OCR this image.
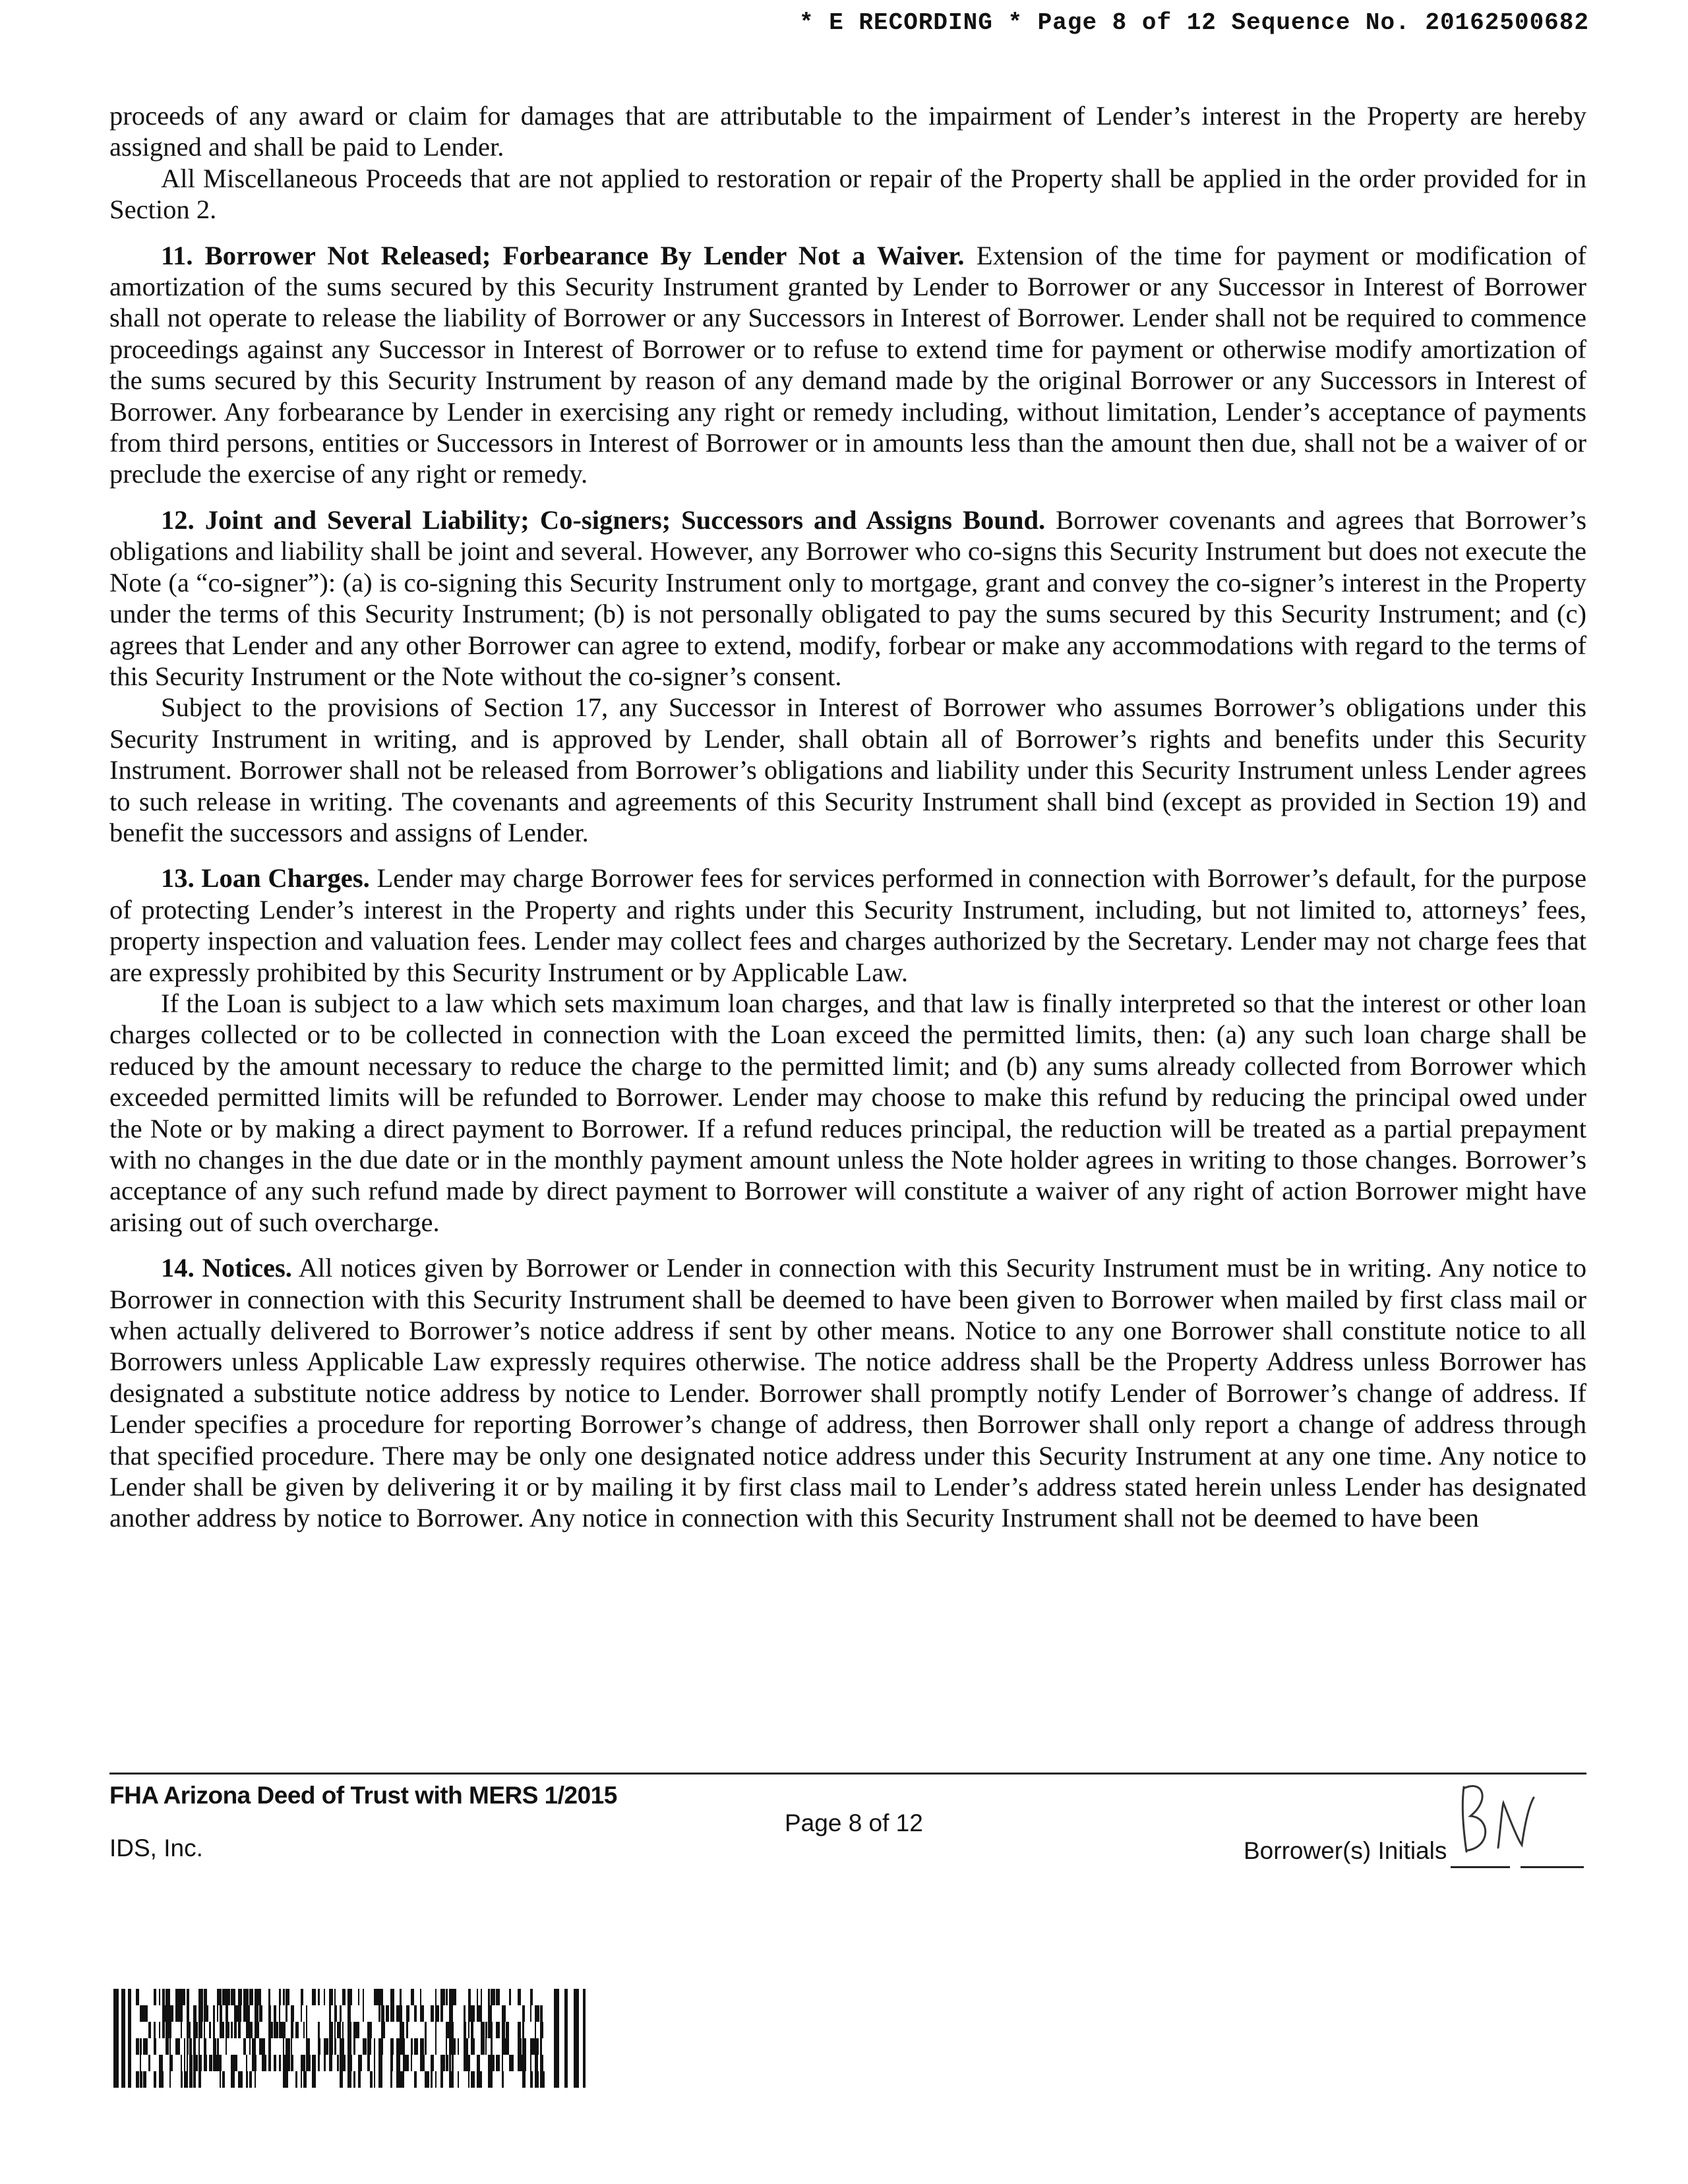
* E RECORDING * Page 8 of 12 Sequence No. 20162500682

proceeds of any award or claim for damages that are attributable to the impairment of Lender’s interest in the Property are hereby assigned and shall be paid to Lender.

All Miscellaneous Proceeds that are not applied to restoration or repair of the Property shall be applied in the order provided for in Section 2.

11. Borrower Not Released; Forbearance By Lender Not a Waiver. Extension of the time for payment or modification of amortization of the sums secured by this Security Instrument granted by Lender to Borrower or any Successor in Interest of Borrower shall not operate to release the liability of Borrower or any Successors in Interest of Borrower. Lender shall not be required to commence proceedings against any Successor in Interest of Borrower or to refuse to extend time for payment or otherwise modify amortization of the sums secured by this Security Instrument by reason of any demand made by the original Borrower or any Successors in Interest of Borrower. Any forbearance by Lender in exercising any right or remedy including, without limitation, Lender’s acceptance of payments from third persons, entities or Successors in Interest of Borrower or in amounts less than the amount then due, shall not be a waiver of or preclude the exercise of any right or remedy.

12. Joint and Several Liability; Co-signers; Successors and Assigns Bound. Borrower covenants and agrees that Borrower’s obligations and liability shall be joint and several. However, any Borrower who co-signs this Security Instrument but does not execute the Note (a “co-signer”): (a) is co-signing this Security Instrument only to mortgage, grant and convey the co-signer’s interest in the Property under the terms of this Security Instrument; (b) is not personally obligated to pay the sums secured by this Security Instrument; and (c) agrees that Lender and any other Borrower can agree to extend, modify, forbear or make any accommodations with regard to the terms of this Security Instrument or the Note without the co-signer’s consent.

Subject to the provisions of Section 17, any Successor in Interest of Borrower who assumes Borrower’s obligations under this Security Instrument in writing, and is approved by Lender, shall obtain all of Borrower’s rights and benefits under this Security Instrument. Borrower shall not be released from Borrower’s obligations and liability under this Security Instrument unless Lender agrees to such release in writing. The covenants and agreements of this Security Instrument shall bind (except as provided in Section 19) and benefit the successors and assigns of Lender.

13. Loan Charges. Lender may charge Borrower fees for services performed in connection with Borrower’s default, for the purpose of protecting Lender’s interest in the Property and rights under this Security Instrument, including, but not limited to, attorneys’ fees, property inspection and valuation fees. Lender may collect fees and charges authorized by the Secretary. Lender may not charge fees that are expressly prohibited by this Security Instrument or by Applicable Law.

If the Loan is subject to a law which sets maximum loan charges, and that law is finally interpreted so that the interest or other loan charges collected or to be collected in connection with the Loan exceed the permitted limits, then: (a) any such loan charge shall be reduced by the amount necessary to reduce the charge to the permitted limit; and (b) any sums already collected from Borrower which exceeded permitted limits will be refunded to Borrower. Lender may choose to make this refund by reducing the principal owed under the Note or by making a direct payment to Borrower. If a refund reduces principal, the reduction will be treated as a partial prepayment with no changes in the due date or in the monthly payment amount unless the Note holder agrees in writing to those changes. Borrower’s acceptance of any such refund made by direct payment to Borrower will constitute a waiver of any right of action Borrower might have arising out of such overcharge.

14. Notices. All notices given by Borrower or Lender in connection with this Security Instrument must be in writing. Any notice to Borrower in connection with this Security Instrument shall be deemed to have been given to Borrower when mailed by first class mail or when actually delivered to Borrower’s notice address if sent by other means. Notice to any one Borrower shall constitute notice to all Borrowers unless Applicable Law expressly requires otherwise. The notice address shall be the Property Address unless Borrower has designated a substitute notice address by notice to Lender. Borrower shall promptly notify Lender of Borrower’s change of address. If Lender specifies a procedure for reporting Borrower’s change of address, then Borrower shall only report a change of address through that specified procedure. There may be only one designated notice address under this Security Instrument at any one time. Any notice to Lender shall be given by delivering it or by mailing it by first class mail to Lender’s address stated herein unless Lender has designated another address by notice to Borrower. Any notice in connection with this Security Instrument shall not be deemed to have been

FHA Arizona Deed of Trust with MERS 1/2015
IDS, Inc.
Page 8 of 12
Borrower(s) Initials
